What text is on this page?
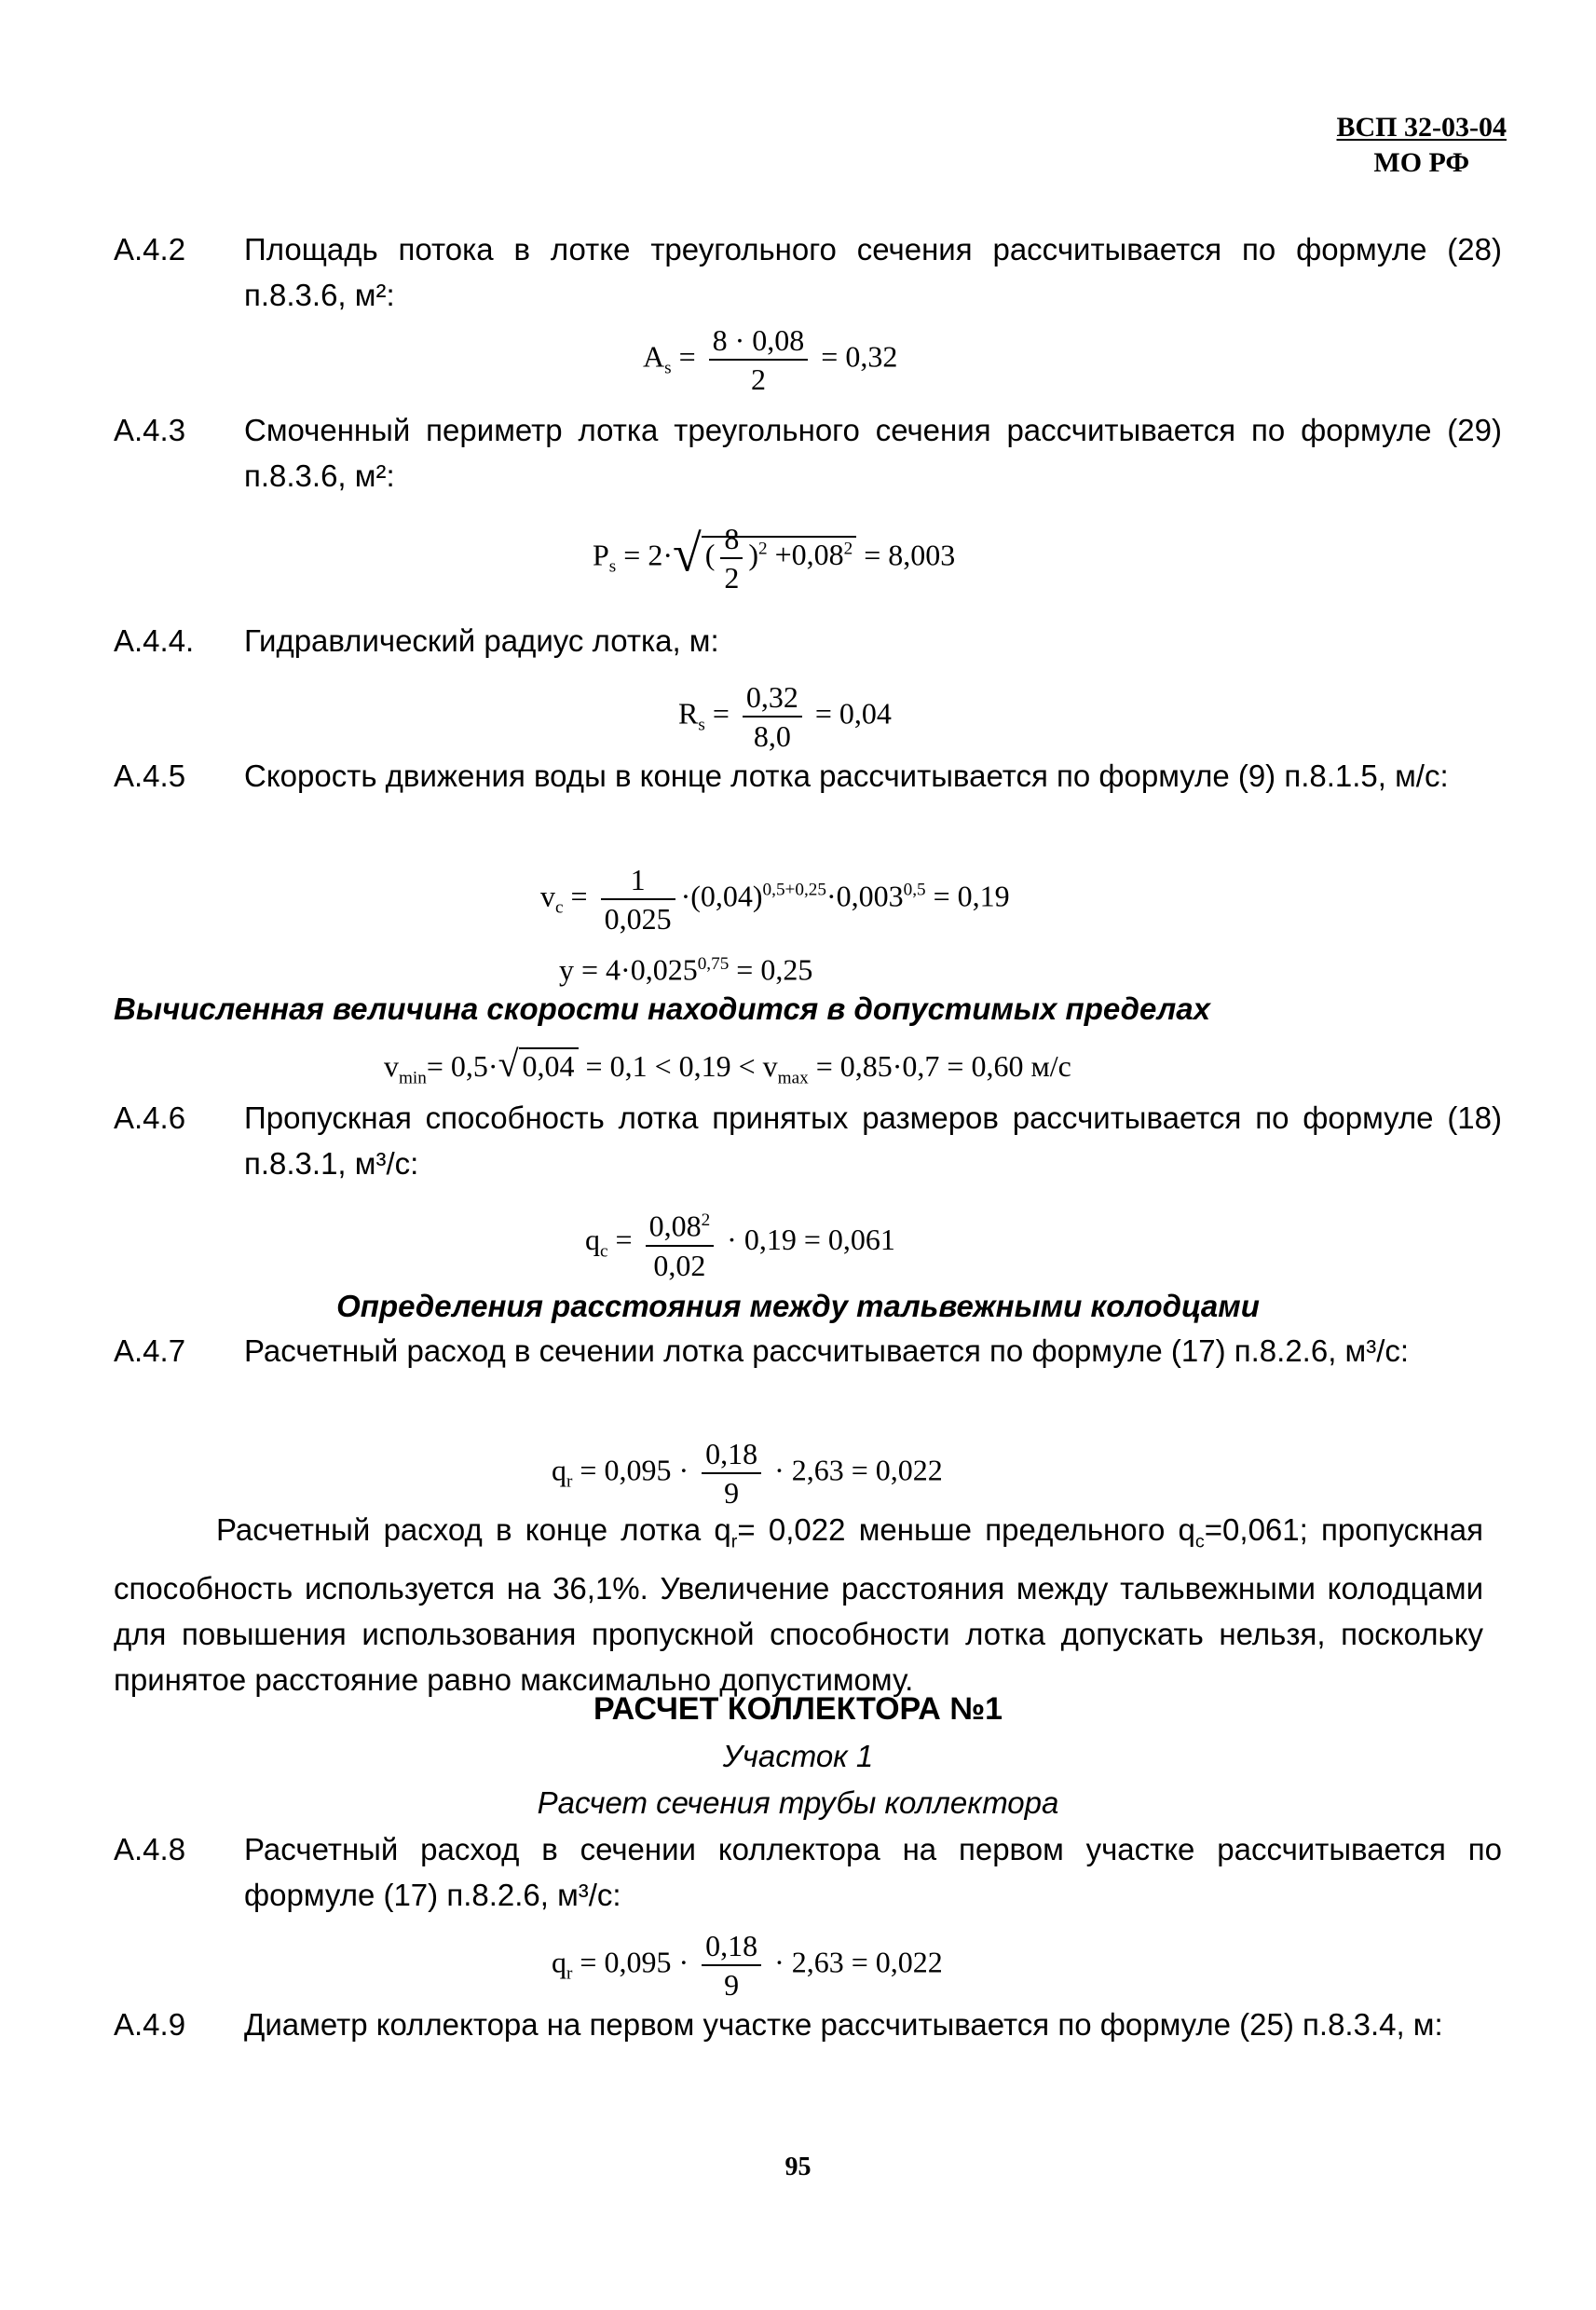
ВСП 32-03-04
МО РФ
А.4.2 Площадь потока в лотке треугольного сечения рассчитывается по формуле (28) п.8.3.6, м²:
$A_s = \frac{8 \cdot 0,08}{2} = 0,32$
А.4.3 Смоченный периметр лотка треугольного сечения рассчитывается по формуле (29) п.8.3.6, м²:
$P_s = 2\cdot√$ ( $\frac{8}{2} )^2 +0,08^2 = 8,003$
А.4.4. Гидравлический радиус лотка, м:
$R_s = \frac{0,32}{8,0} = 0,04$
А.4.5 Скорость движения воды в конце лотка рассчитывается по формуле (9) п.8.1.5, м/с:
$v_c = \frac{1}{0,025} \cdot(0,04)^{0,5+0,25}\cdot 0,003^{0,5} = 0,19$
$y = 4\cdot 0,025^{0,75} = 0,25$
Вычисленная величина скорости находится в допустимых пределах
$v_{min}= 0,5\cdot√$ $0,04 = 0,1 < 0,19 < v_{max} = 0,85\cdot 0,7 = 0,60$ м/с
А.4.6 Пропускная способность лотка принятых размеров рассчитывается по формуле (18) п.8.3.1, м³/с:
$q_c = \frac{0,08^2}{0,02} \cdot 0,19 = 0,061$
Определения расстояния между тальвежными колодцами
А.4.7 Расчетный расход в сечении лотка рассчитывается по формуле (17) п.8.2.6, м³/с:
$q_r = 0,095 \cdot \frac{0,18}{9} \cdot 2,63 = 0,022$
Расчетный расход в конце лотка $q_r= 0,022$ меньше предельного $q_c=0,061$; пропускная способность используется на 36,1%. Увеличение расстояния между тальвежными колодцами для повышения использования пропускной способности лотка допускать нельзя, поскольку принятое расстояние равно максимально допустимому.
РАСЧЕТ КОЛЛЕКТОРА №1
Участок 1
Расчет сечения трубы коллектора
А.4.8 Расчетный расход в сечении коллектора на первом участке рассчитывается по формуле (17) п.8.2.6, м³/с:
$q_r = 0,095 \cdot \frac{0,18}{9} \cdot 2,63 = 0,022$
А.4.9 Диаметр коллектора на первом участке рассчитывается по формуле (25) п.8.3.4, м:
95
